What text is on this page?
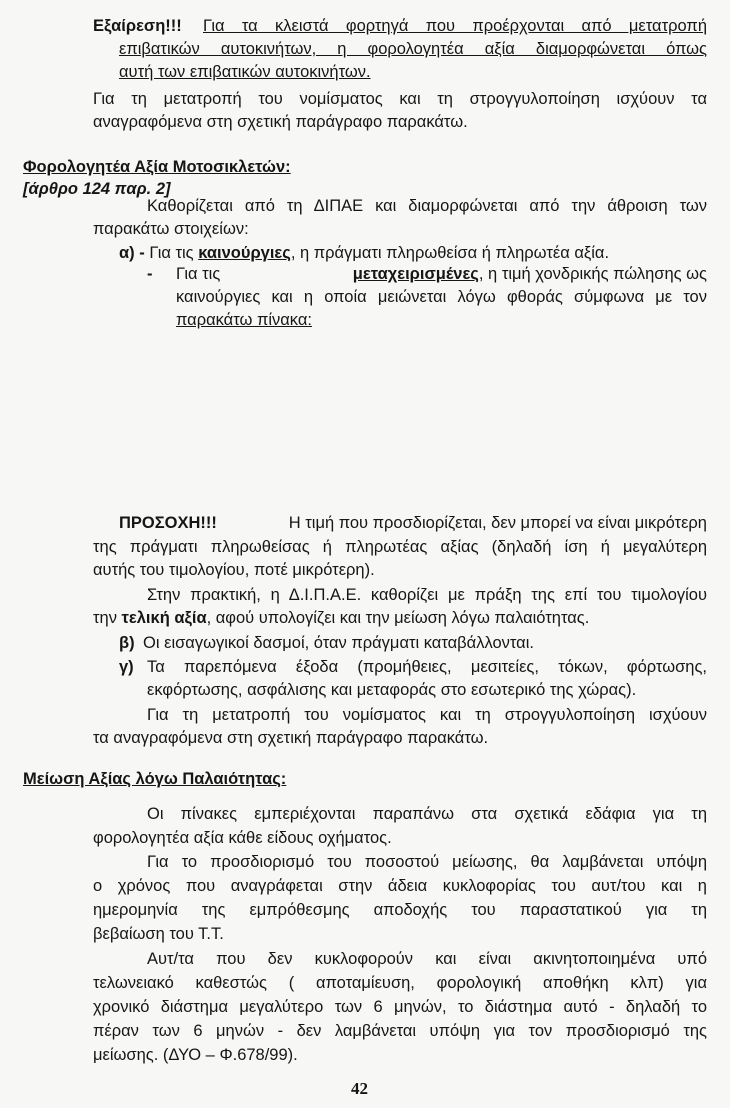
Εξαίρεση!!! Για τα κλειστά φορτηγά που προέρχονται από μετατροπή
επιβατικών αυτοκινήτων, η φορολογητέα αξία διαμορφώνεται όπως
αυτή των επιβατικών αυτοκινήτων.
Για τη μετατροπή του νομίσματος και τη στρογγυλοποίηση ισχύουν τα
αναγραφόμενα στη σχετική παράγραφο παρακάτω.
Φορολογητέα Αξία Μοτοσικλετών:
[άρθρο 124 παρ. 2]
Καθορίζεται από τη ΔΙΠΑΕ και διαμορφώνεται από την άθροιση των
παρακάτω στοιχείων:
α) - Για τις καινούργιες, η πράγματι πληρωθείσα ή πληρωτέα αξία.
- Για τις	μεταχειρισμένες, η τιμή χονδρικής πώλησης ως
καινούργιες και η οποία μειώνεται λόγω φθοράς σύμφωνα με τον
παρακάτω πίνακα:
ΠΡΟΣΟΧΗ!!!	Η τιμή που προσδιορίζεται, δεν μπορεί να είναι μικρότερη
της πράγματι πληρωθείσας ή πληρωτέας αξίας (δηλαδή ίση ή μεγαλύτερη
αυτής του τιμολογίου, ποτέ μικρότερη).
Στην πρακτική, η Δ.Ι.Π.Α.Ε. καθορίζει με πράξη της επί του τιμολογίου
την τελική αξία, αφού υπολογίζει και την μείωση λόγω παλαιότητας.
β) Οι εισαγωγικοί δασμοί, όταν πράγματι καταβάλλονται.
γ) Τα παρεπόμενα έξοδα (προμήθειες, μεσιτείες, τόκων, φόρτωσης,
εκφόρτωσης, ασφάλισης και μεταφοράς στο εσωτερικό της χώρας).
Για τη μετατροπή του νομίσματος και τη στρογγυλοποίηση ισχύουν
τα αναγραφόμενα στη σχετική παράγραφο παρακάτω.
Μείωση Αξίας λόγω Παλαιότητας:
Οι πίνακες εμπεριέχονται παραπάνω στα σχετικά εδάφια για τη
φορολογητέα αξία κάθε είδους οχήματος.
Για το προσδιορισμό του ποσοστού μείωσης, θα λαμβάνεται υπόψη
ο χρόνος που αναγράφεται στην άδεια κυκλοφορίας του αυτ/του και η
ημερομηνία της εμπρόθεσμης αποδοχής του παραστατικού για τη
βεβαίωση του Τ.Τ.
Αυτ/τα που δεν κυκλοφορούν και είναι ακινητοποιημένα υπό
τελωνειακό καθεστώς ( αποταμίευση, φορολογική αποθήκη κλπ) για
χρονικό διάστημα μεγαλύτερο των 6 μηνών, το διάστημα αυτό - δηλαδή το
πέραν των 6 μηνών - δεν λαμβάνεται υπόψη για τον προσδιορισμό της
μείωσης. (ΔΥΟ – Φ.678/99).
42
